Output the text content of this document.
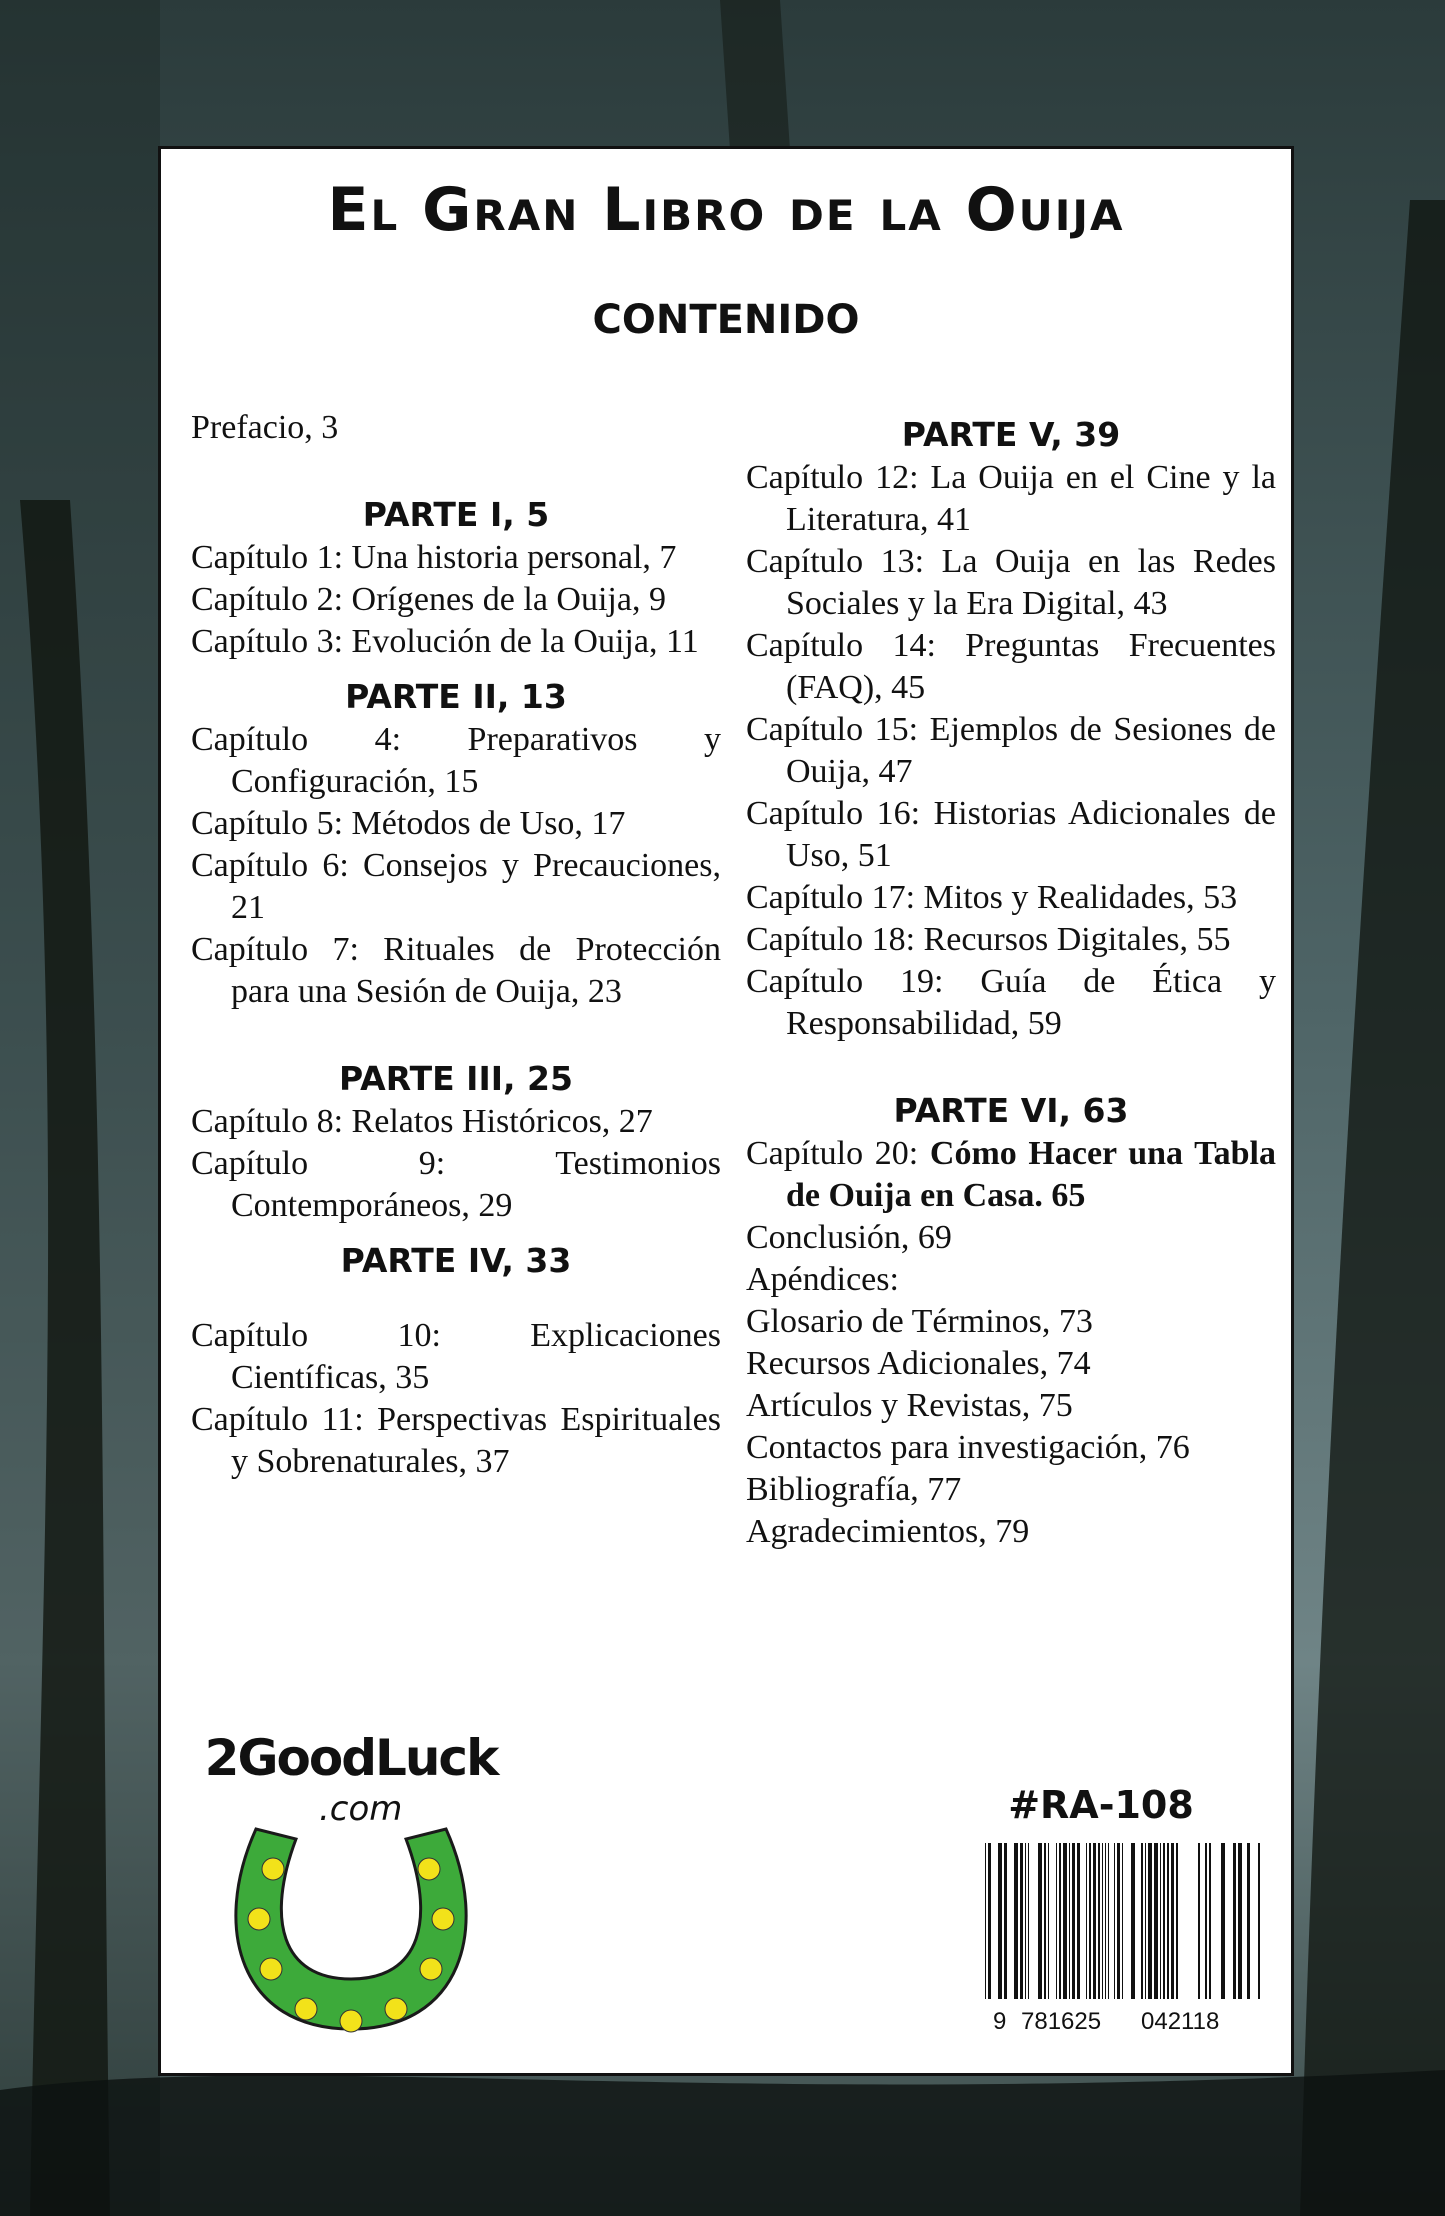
El Gran Libro de la Ouija
CONTENIDO
Prefacio, 3
PARTE I, 5
Capítulo 1: Una historia personal, 7
Capítulo 2: Orígenes de la Ouija, 9
Capítulo 3: Evolución de la Ouija, 11
PARTE II, 13
Capítulo 4: Preparativos y Configuración, 15
Capítulo 5: Métodos de Uso, 17
Capítulo 6: Consejos y Precauciones, 21
Capítulo 7: Rituales de Protección para una Sesión de Ouija, 23
PARTE III, 25
Capítulo 8: Relatos Históricos, 27
Capítulo 9: Testimonios Contemporáneos, 29
PARTE IV, 33
Capítulo 10: Explicaciones Científicas, 35
Capítulo 11: Perspectivas Espirituales y Sobrenaturales, 37
PARTE V, 39
Capítulo 12: La Ouija en el Cine y la Literatura, 41
Capítulo 13: La Ouija en las Redes Sociales y la Era Digital, 43
Capítulo 14: Preguntas Frecuentes (FAQ), 45
Capítulo 15: Ejemplos de Sesiones de Ouija, 47
Capítulo 16: Historias Adicionales de Uso, 51
Capítulo 17: Mitos y Realidades, 53
Capítulo 18: Recursos Digitales, 55
Capítulo 19: Guía de Ética y Responsabilidad, 59
PARTE VI, 63
Capítulo 20: Cómo Hacer una Tabla de Ouija en Casa. 65
Conclusión, 69
Apéndices:
Glosario de Términos, 73
Recursos Adicionales, 74
Artículos y Revistas, 75
Contactos para investigación, 76
Bibliografía, 77
Agradecimientos, 79
2GoodLuck
.com	#RA-108
9 781625 042118
